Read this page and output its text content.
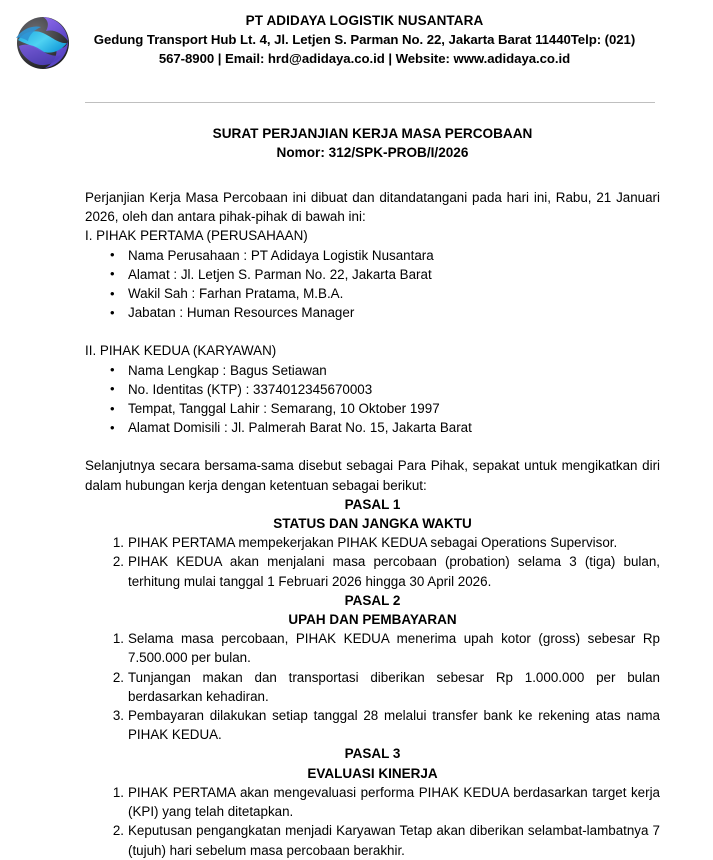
PT ADIDAYA LOGISTIK NUSANTARA
Gedung Transport Hub Lt. 4, Jl. Letjen S. Parman No. 22, Jakarta Barat 11440Telp: (021)
567-8900 | Email: hrd@adidaya.co.id | Website: www.adidaya.co.id
SURAT PERJANJIAN KERJA MASA PERCOBAAN
Nomor: 312/SPK-PROB/I/2026

Perjanjian Kerja Masa Percobaan ini dibuat dan ditandatangani pada hari ini, Rabu, 21 Januari 2026, oleh dan antara pihak-pihak di bawah ini:

I. PIHAK PERTAMA (PERUSAHAAN)

• Nama Perusahaan : PT Adidaya Logistik Nusantara
• Alamat : Jl. Letjen S. Parman No. 22, Jakarta Barat
• Wakil Sah : Farhan Pratama, M.B.A.
• Jabatan : Human Resources Manager

II. PIHAK KEDUA (KARYAWAN)

• Nama Lengkap : Bagus Setiawan
• No. Identitas (KTP) : 3374012345670003
• Tempat, Tanggal Lahir : Semarang, 10 Oktober 1997
• Alamat Domisili : Jl. Palmerah Barat No. 15, Jakarta Barat

Selanjutnya secara bersama-sama disebut sebagai Para Pihak, sepakat untuk mengikatkan diri dalam hubungan kerja dengan ketentuan sebagai berikut:

PASAL 1
STATUS DAN JANGKA WAKTU
PIHAK PERTAMA mempekerjakan PIHAK KEDUA sebagai Operations Supervisor.
PIHAK KEDUA akan menjalani masa percobaan (probation) selama 3 (tiga) bulan, terhitung mulai tanggal 1 Februari 2026 hingga 30 April 2026.
PASAL 2
UPAH DAN PEMBAYARAN
Selama masa percobaan, PIHAK KEDUA menerima upah kotor (gross) sebesar Rp 7.500.000 per bulan.
Tunjangan makan dan transportasi diberikan sebesar Rp 1.000.000 per bulan berdasarkan kehadiran.
Pembayaran dilakukan setiap tanggal 28 melalui transfer bank ke rekening atas nama PIHAK KEDUA.
PASAL 3
EVALUASI KINERJA
PIHAK PERTAMA akan mengevaluasi performa PIHAK KEDUA berdasarkan target kerja (KPI) yang telah ditetapkan.
Keputusan pengangkatan menjadi Karyawan Tetap akan diberikan selambat-lambatnya 7 (tujuh) hari sebelum masa percobaan berakhir.
